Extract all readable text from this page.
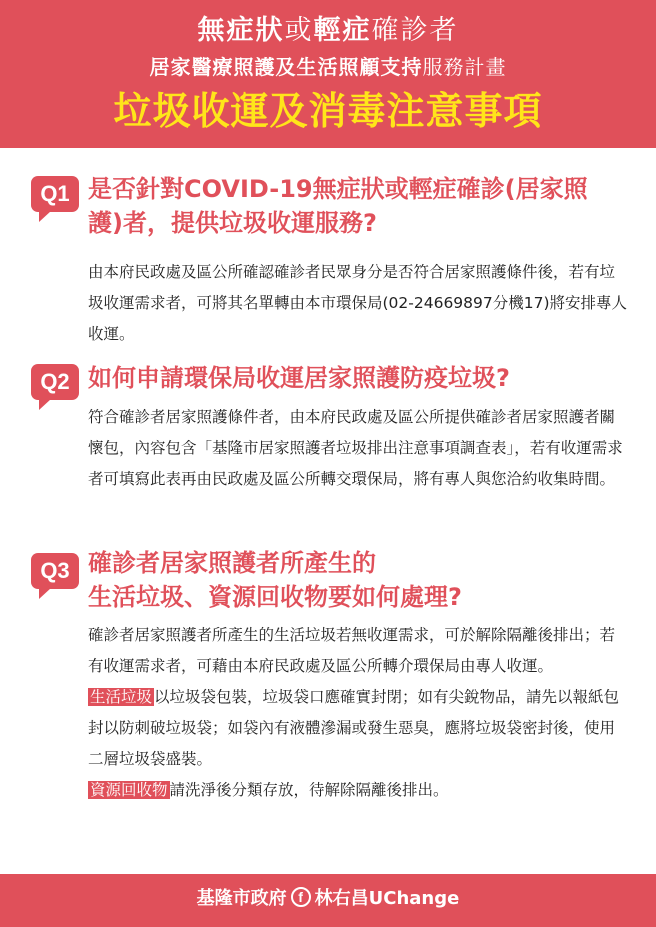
無症狀或輕症確診者
居家醫療照護及生活照顧支持服務計畫
垃圾收運及消毒注意事項
Q1 是否針對COVID-19無症狀或輕症確診(居家照護)者，提供垃圾收運服務?
由本府民政處及區公所確認確診者民眾身分是否符合居家照護條件後，若有垃圾收運需求者，可將其名單轉由本市環保局(02-24669897分機17)將安排專人收運。
Q2 如何申請環保局收運居家照護防疫垃圾?
符合確診者居家照護條件者，由本府民政處及區公所提供確診者居家照護者關懷包，內容包含「基隆市居家照護者垃圾排出注意事項調查表」，若有收運需求者可填寫此表再由民政處及區公所轉交環保局，將有專人與您洽約收集時間。
Q3 確診者居家照護者所產生的
生活垃圾、資源回收物要如何處理?
確診者居家照護者所產生的生活垃圾若無收運需求，可於解除隔離後排出；若有收運需求者，可藉由本府民政處及區公所轉介環保局由專人收運。
生活垃圾 以垃圾袋包裝，垃圾袋口應確實封閉；如有尖銳物品，請先以報紙包封以防刺破垃圾袋；如袋內有液體滲漏或發生惡臭，應將垃圾袋密封後，使用二層垃圾袋盛裝。
資源回收物 請洗淨後分類存放，待解除隔離後排出。
基隆市政府 f 林右昌UChange
